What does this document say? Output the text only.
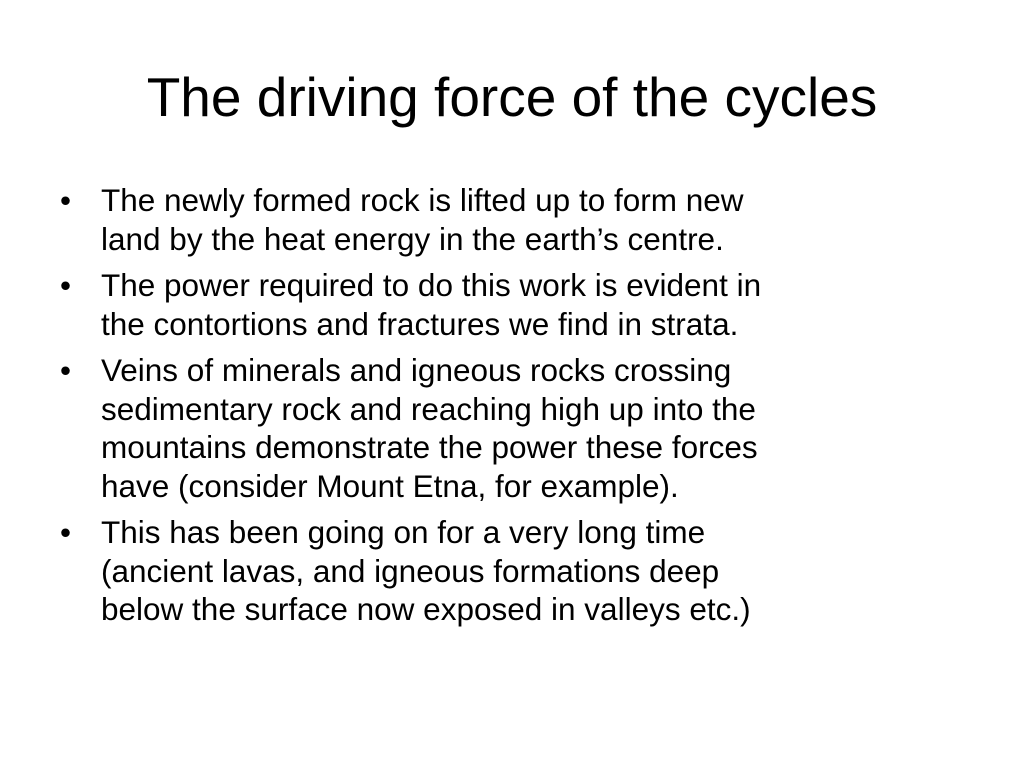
The driving force of the cycles
• The newly formed rock is lifted up to form new
land by the heat energy in the earth’s centre.
• The power required to do this work is evident in
the contortions and fractures we find in strata.
• Veins of minerals and igneous rocks crossing
sedimentary rock and reaching high up into the
mountains demonstrate the power these forces
have (consider Mount Etna, for example).
• This has been going on for a very long time
(ancient lavas, and igneous formations deep
below the surface now exposed in valleys etc.)
